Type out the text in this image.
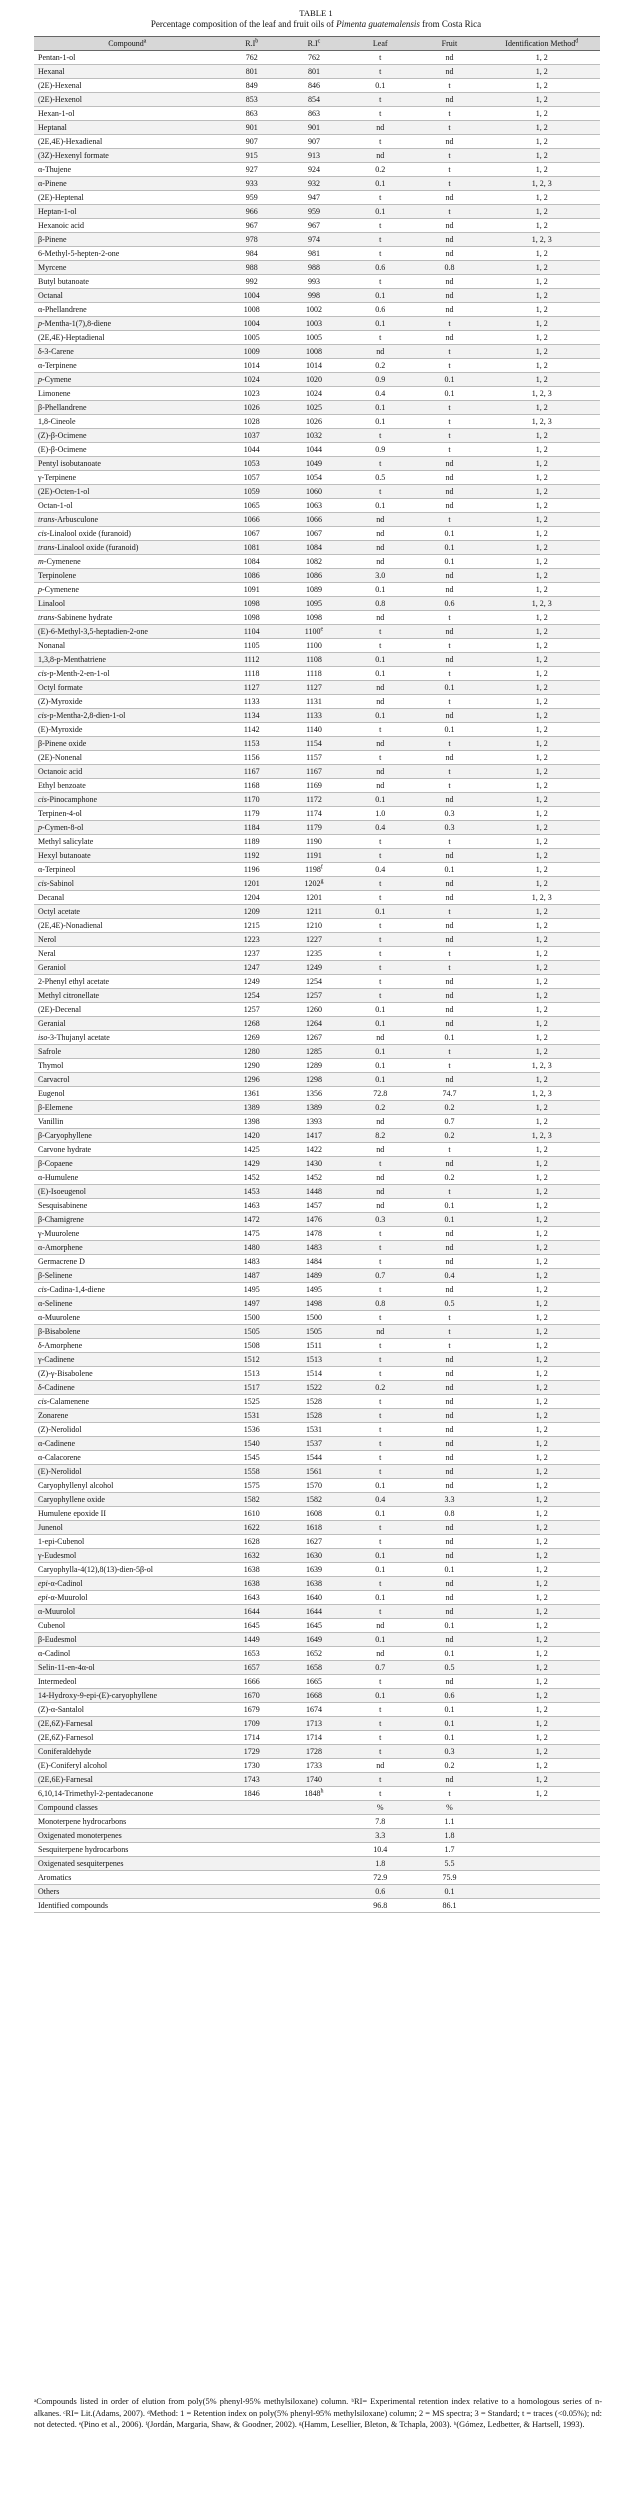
TABLE 1
Percentage composition of the leaf and fruit oils of Pimenta guatemalensis from Costa Rica
Compound$^a$	$R.I^b$	$R.I^c$	Leaf	Fruit	Identification Method$^d$
Pentan-1-ol	762	762	t	nd	1, 2
Hexanal	801	801	t	nd	1, 2
(2E)-Hexenal	849	846	0.1	t	1, 2
(2E)-Hexenol	853	854	t	nd	1, 2
Hexan-1-ol	863	863	t	t	1, 2
Heptanal	901	901	nd	t	1, 2
(2E,4E)-Hexadienal	907	907	t	nd	1, 2
(3Z)-Hexenyl formate	915	913	nd	t	1, 2
α-Thujene	927	924	0.2	t	1, 2
α-Pinene	933	932	0.1	t	1, 2, 3
(2E)-Heptenal	959	947	t	nd	1, 2
Heptan-1-ol	966	959	0.1	t	1, 2
Hexanoic acid	967	967	t	nd	1, 2
β-Pinene	978	974	t	nd	1, 2, 3
6-Methyl-5-hepten-2-one	984	981	t	nd	1, 2
Myrcene	988	988	0.6	0.8	1, 2
Butyl butanoate	992	993	t	nd	1, 2
Octanal	1004	998	0.1	nd	1, 2
α-Phellandrene	1008	1002	0.6	nd	1, 2
p-Mentha-1(7),8-diene	1004	1003	0.1	t	1, 2
(2E,4E)-Heptadienal	1005	1005	t	nd	1, 2
δ-3-Carene	1009	1008	nd	t	1, 2
α-Terpinene	1014	1014	0.2	t	1, 2
p-Cymene	1024	1020	0.9	0.1	1, 2
Limonene	1023	1024	0.4	0.1	1, 2, 3
β-Phellandrene	1026	1025	0.1	t	1, 2
1,8-Cineole	1028	1026	0.1	t	1, 2, 3
(Z)-β-Ocimene	1037	1032	t	t	1, 2
(E)-β-Ocimene	1044	1044	0.9	t	1, 2
Pentyl isobutanoate	1053	1049	t	nd	1, 2
γ-Terpinene	1057	1054	0.5	nd	1, 2
(2E)-Octen-1-ol	1059	1060	t	nd	1, 2
Octan-1-ol	1065	1063	0.1	nd	1, 2
trans-Arbusculone	1066	1066	nd	t	1, 2
cis-Linalool oxide (furanoid)	1067	1067	nd	0.1	1, 2
trans-Linalool oxide (furanoid)	1081	1084	nd	0.1	1, 2
m-Cymenene	1084	1082	nd	0.1	1, 2
Terpinolene	1086	1086	3.0	nd	1, 2
p-Cymenene	1091	1089	0.1	nd	1, 2
Linalool	1098	1095	0.8	0.6	1, 2, 3
trans-Sabinene hydrate	1098	1098	nd	t	1, 2
(E)-6-Methyl-3,5-heptadien-2-one	1104	1100e	t	nd	1, 2
Nonanal	1105	1100	t	t	1, 2
1,3,8-p-Menthatriene	1112	1108	0.1	nd	1, 2
cis-p-Menth-2-en-1-ol	1118	1118	0.1	t	1, 2
Octyl formate	1127	1127	nd	0.1	1, 2
(Z)-Myroxide	1133	1131	nd	t	1, 2
cis-p-Mentha-2,8-dien-1-ol	1134	1133	0.1	nd	1, 2
(E)-Myroxide	1142	1140	t	0.1	1, 2
β-Pinene oxide	1153	1154	nd	t	1, 2
(2E)-Nonenal	1156	1157	t	nd	1, 2
Octanoic acid	1167	1167	nd	t	1, 2
Ethyl benzoate	1168	1169	nd	t	1, 2
cis-Pinocamphone	1170	1172	0.1	nd	1, 2
Terpinen-4-ol	1179	1174	1.0	0.3	1, 2
p-Cymen-8-ol	1184	1179	0.4	0.3	1, 2
Methyl salicylate	1189	1190	t	t	1, 2
Hexyl butanoate	1192	1191	t	nd	1, 2
α-Terpineol	1196	1198$^f$	0.4	0.1	1, 2
cis-Sabinol	1201	1202$^g$	t	nd	1, 2
Decanal	1204	1201	t	nd	1, 2, 3
Octyl acetate	1209	1211	0.1	t	1, 2
(2E,4E)-Nonadienal	1215	1210	t	nd	1, 2
Nerol	1223	1227	t	nd	1, 2
Neral	1237	1235	t	t	1, 2
Geraniol	1247	1249	t	t	1, 2
2-Phenyl ethyl acetate	1249	1254	t	nd	1, 2
Methyl citronellate	1254	1257	t	nd	1, 2
(2E)-Decenal	1257	1260	0.1	nd	1, 2
Geranial	1268	1264	0.1	nd	1, 2
iso-3-Thujanyl acetate	1269	1267	nd	0.1	1, 2
Safrole	1280	1285	0.1	t	1, 2
Thymol	1290	1289	0.1	t	1, 2, 3
Carvacrol	1296	1298	0.1	nd	1, 2
Eugenol	1361	1356	72.8	74.7	1, 2, 3
β-Elemene	1389	1389	0.2	0.2	1, 2
Vanillin	1398	1393	nd	0.7	1, 2
β-Caryophyllene	1420	1417	8.2	0.2	1, 2, 3
Carvone hydrate	1425	1422	nd	t	1, 2
β-Copaene	1429	1430	t	nd	1, 2
α-Humulene	1452	1452	nd	0.2	1, 2
(E)-Isoeugenol	1453	1448	nd	t	1, 2
Sesquisabinene	1463	1457	nd	0.1	1, 2
β-Chamigrene	1472	1476	0.3	0.1	1, 2
γ-Muurolene	1475	1478	t	nd	1, 2
α-Amorphene	1480	1483	t	nd	1, 2
Germacrene D	1483	1484	t	nd	1, 2
β-Selinene	1487	1489	0.7	0.4	1, 2
cis-Cadina-1,4-diene	1495	1495	t	nd	1, 2
α-Selinene	1497	1498	0.8	0.5	1, 2
α-Muurolene	1500	1500	t	t	1, 2
β-Bisabolene	1505	1505	nd	t	1, 2
δ-Amorphene	1508	1511	t	t	1, 2
γ-Cadinene	1512	1513	t	nd	1, 2
(Z)-γ-Bisabolene	1513	1514	t	nd	1, 2
δ-Cadinene	1517	1522	0.2	nd	1, 2
cis-Calamenene	1525	1528	t	nd	1, 2
Zonarene	1531	1528	t	nd	1, 2
(Z)-Nerolidol	1536	1531	t	nd	1, 2
α-Cadinene	1540	1537	t	nd	1, 2
α-Calacorene	1545	1544	t	nd	1, 2
(E)-Nerolidol	1558	1561	t	nd	1, 2
Caryophyllenyl alcohol	1575	1570	0.1	nd	1, 2
Caryophyllene oxide	1582	1582	0.4	3.3	1, 2
Humulene epoxide II	1610	1608	0.1	0.8	1, 2
Junenol	1622	1618	t	nd	1, 2
1-epi-Cubenol	1628	1627	t	nd	1, 2
γ-Eudesmol	1632	1630	0.1	nd	1, 2
Caryophylla-4(12),8(13)-dien-5β-ol	1638	1639	0.1	0.1	1, 2
epi-α-Cadinol	1638	1638	t	nd	1, 2
epi-α-Muurolol	1643	1640	0.1	nd	1, 2
α-Muurolol	1644	1644	t	nd	1, 2
Cubenol	1645	1645	nd	0.1	1, 2
β-Eudesmol	1449	1649	0.1	nd	1, 2
α-Cadinol	1653	1652	nd	0.1	1, 2
Selin-11-en-4α-ol	1657	1658	0.7	0.5	1, 2
Intermedeol	1666	1665	t	nd	1, 2
14-Hydroxy-9-epi-(E)-caryophyllene	1670	1668	0.1	0.6	1, 2
(Z)-α-Santalol	1679	1674	t	0.1	1, 2
(2E,6Z)-Farnesal	1709	1713	t	0.1	1, 2
(2E,6Z)-Farnesol	1714	1714	t	0.1	1, 2
Coniferaldehyde	1729	1728	t	0.3	1, 2
(E)-Coniferyl alcohol	1730	1733	nd	0.2	1, 2
(2E,6E)-Farnesal	1743	1740	t	nd	1, 2
6,10,14-Trimethyl-2-pentadecanone	1846	1848$^h$	t	t	1, 2
Compound classes			%	%	
Monoterpene hydrocarbons			7.8	1.1	
Oxigenated monoterpenes			3.3	1.8	
Sesquiterpene hydrocarbons			10.4	1.7	
Oxigenated sesquiterpenes			1.8	5.5	
Aromatics			72.9	75.9	
Others			0.6	0.1	
Identified compounds			96.8	86.1	
ᵃCompounds listed in order of elution from poly(5% phenyl-95% methylsiloxane) column. ᵇRI= Experimental retention index relative to a homologous series of n-alkanes. ᶜRI= Lit.(Adams, 2007). ᵈMethod: 1 = Retention index on poly(5% phenyl-95% methylsiloxane) column; 2 = MS spectra; 3 = Standard; t = traces (<0.05%); nd: not detected. ᵉ(Pino et al., 2006). ᶠ(Jordán, Margaria, Shaw, & Goodner, 2002). ᵍ(Hamm, Lesellier, Bleton, & Tchapla, 2003). ʰ(Gómez, Ledbetter, & Hartsell, 1993).
